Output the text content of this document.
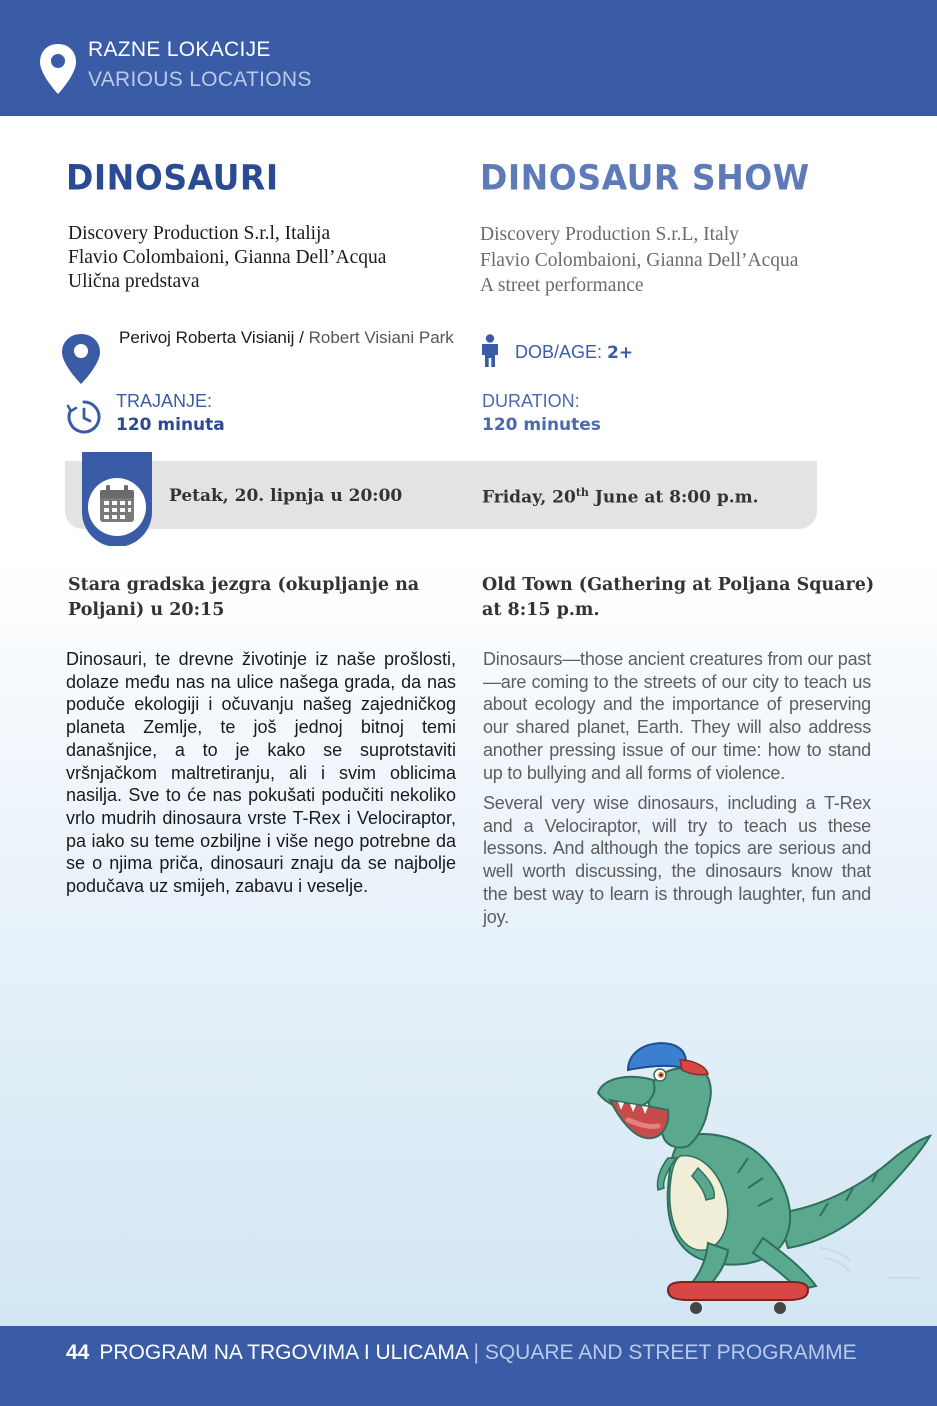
RAZNE LOKACIJE
VARIOUS LOCATIONS
DINOSAURI	DINOSAUR SHOW
Discovery Production S.r.l, Italija
Flavio Colombaioni, Gianna Dell’Acqua
Ulična predstava
Discovery Production S.r.L, Italy
Flavio Colombaioni, Gianna Dell’Acqua
A street performance
Perivoj Roberta Visianij / Robert Visiani Park
DOB/AGE: 2+
TRAJANJE:
120 minuta
DURATION:
120 minutes
Petak, 20. lipnja u 20:00	Friday, 20th June at 8:00 p.m.
Stara gradska jezgra (okupljanje na Poljani) u 20:15
Old Town (Gathering at Poljana Square) at 8:15 p.m.
Dinosauri, te drevne životinje iz naše prošlosti, dolaze među nas na ulice našega grada, da nas poduče ekologiji i očuvanju našeg zajedničkog planeta Zemlje, te još jednoj bitnoj temi današnjice, a to je kako se suprotstaviti vršnjačkom maltretiranju, ali i svim oblicima nasilja. Sve to će nas pokušati podučiti nekoliko vrlo mudrih dinosaura vrste T-Rex i Velociraptor, pa iako su teme ozbiljne i više nego potrebne da se o njima priča, dinosauri znaju da se najbolje podučava uz smijeh, zabavu i veselje.
Dinosaurs—those ancient creatures from our past—are coming to the streets of our city to teach us about ecology and the importance of preserving our shared planet, Earth. They will also address another pressing issue of our time: how to stand up to bullying and all forms of violence.
Several very wise dinosaurs, including a T-Rex and a Velociraptor, will try to teach us these lessons. And although the topics are serious and well worth discussing, the dinosaurs know that the best way to learn is through laughter, fun and joy.
44 PROGRAM NA TRGOVIMA I ULICAMA | SQUARE AND STREET PROGRAMME
